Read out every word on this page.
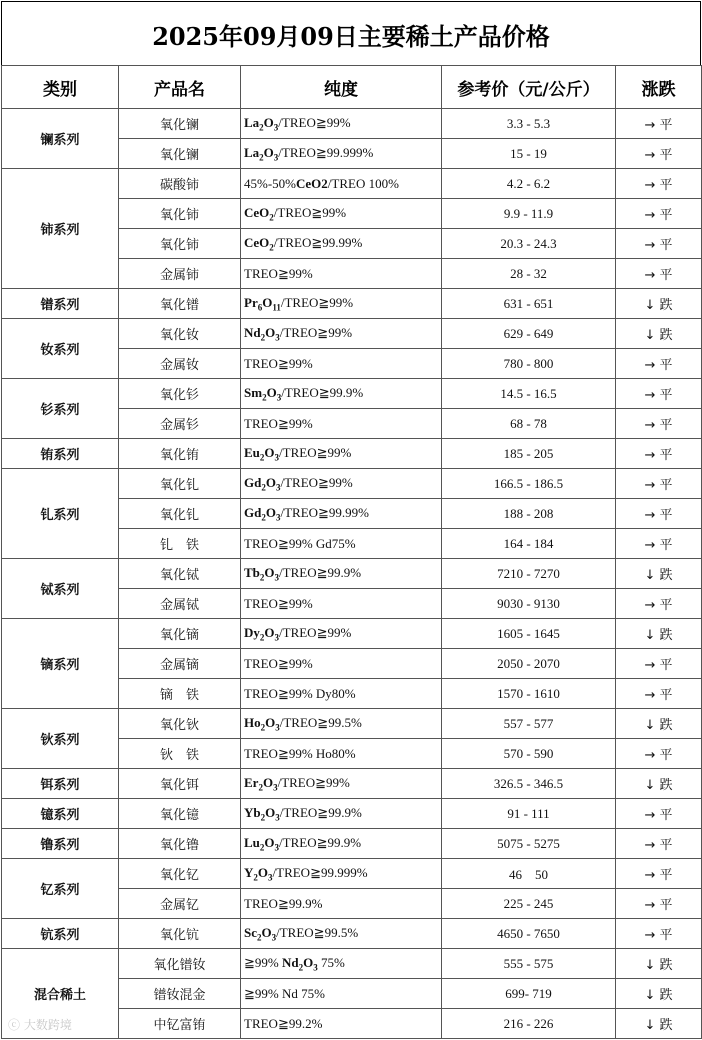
2025年09月09日主要稀土产品价格
类别	产品名	纯度	参考价（元/公斤）	涨跌
镧系列	氧化镧	$La_2O_3/TREO≧99\%$	3.3 - 5.3	→ 平
	氧化镧	$La_2O_3/TREO≧99.999\%$	15 - 19	→ 平
铈系列	碳酸铈	45%-50%CeO2/TREO 100%	4.2 - 6.2	→ 平
	氧化铈	CeO$_2$/TREO≧99%	9.9 - 11.9	→ 平
	氧化铈	CeO$_2$/TREO≧99.99%	20.3 - 24.3	→ 平
	金属铈	TREO≧99%	28 - 32	→ 平
镨系列	氧化镨	$Pr_6O_{11}/TREO≧99\%$	631 - 651	↓ 跌
钕系列	氧化钕	$Nd_2O_3/TREO≧99\%$	629 - 649	↓ 跌
	金属钕	TREO≧99%	780 - 800	→ 平
钐系列	氧化钐	$Sm_2O_3/TREO≧99.9\%$	14.5 - 16.5	→ 平
	金属钐	TREO≧99%	68 - 78	→ 平
铕系列	氧化铕	$Eu_2O_3/TREO≧99\%$	185 - 205	→ 平
钆系列	氧化钆	$Gd_2O_3/TREO≧99\%$	166.5 - 186.5	→ 平
	氧化钆	$Gd_2O_3/TREO≧99.99\%$	188 - 208	→ 平
	钆　铁	TREO≧99% Gd75%	164 - 184	→ 平
铽系列	氧化铽	$Tb_2O_3/TREO≧99.9\%$	7210 - 7270	↓ 跌
	金属铽	TREO≧99%	9030 - 9130	→ 平
镝系列	氧化镝	$Dy_2O_3/TREO≧99\%$	1605 - 1645	↓ 跌
	金属镝	TREO≧99%	2050 - 2070	→ 平
	镝　铁	TREO≧99% Dy80%	1570 - 1610	→ 平
钬系列	氧化钬	$Ho_2O_3/TREO≧99.5\%$	557 - 577	↓ 跌
	钬　铁	TREO≧99% Ho80%	570 - 590	→ 平
铒系列	氧化铒	$Er_2O_3/TREO≧99\%$	326.5 - 346.5	↓ 跌
镱系列	氧化镱	$Yb_2O_3/TREO≧99.9\%$	91 - 111	→ 平
镥系列	氧化镥	$Lu_2O_3/TREO≧99.9\%$	5075 - 5275	→ 平
钇系列	氧化钇	$Y_2O_3/TREO≧99.999\%$	46　50	→ 平
	金属钇	TREO≧99.9%	225 - 245	→ 平
钪系列	氧化钪	$Sc_2O_3/TREO≧99.5\%$	4650 - 7650	→ 平
混合稀土	氧化镨钕	≧99% $Nd_2O_3$ 75%	555 - 575	↓ 跌
	镨钕混金	≧99% Nd 75%	699- 719	↓ 跌
	中钇富铕	TREO≧99.2%	216 - 226	↓ 跌
ⓒ 大数跨境
